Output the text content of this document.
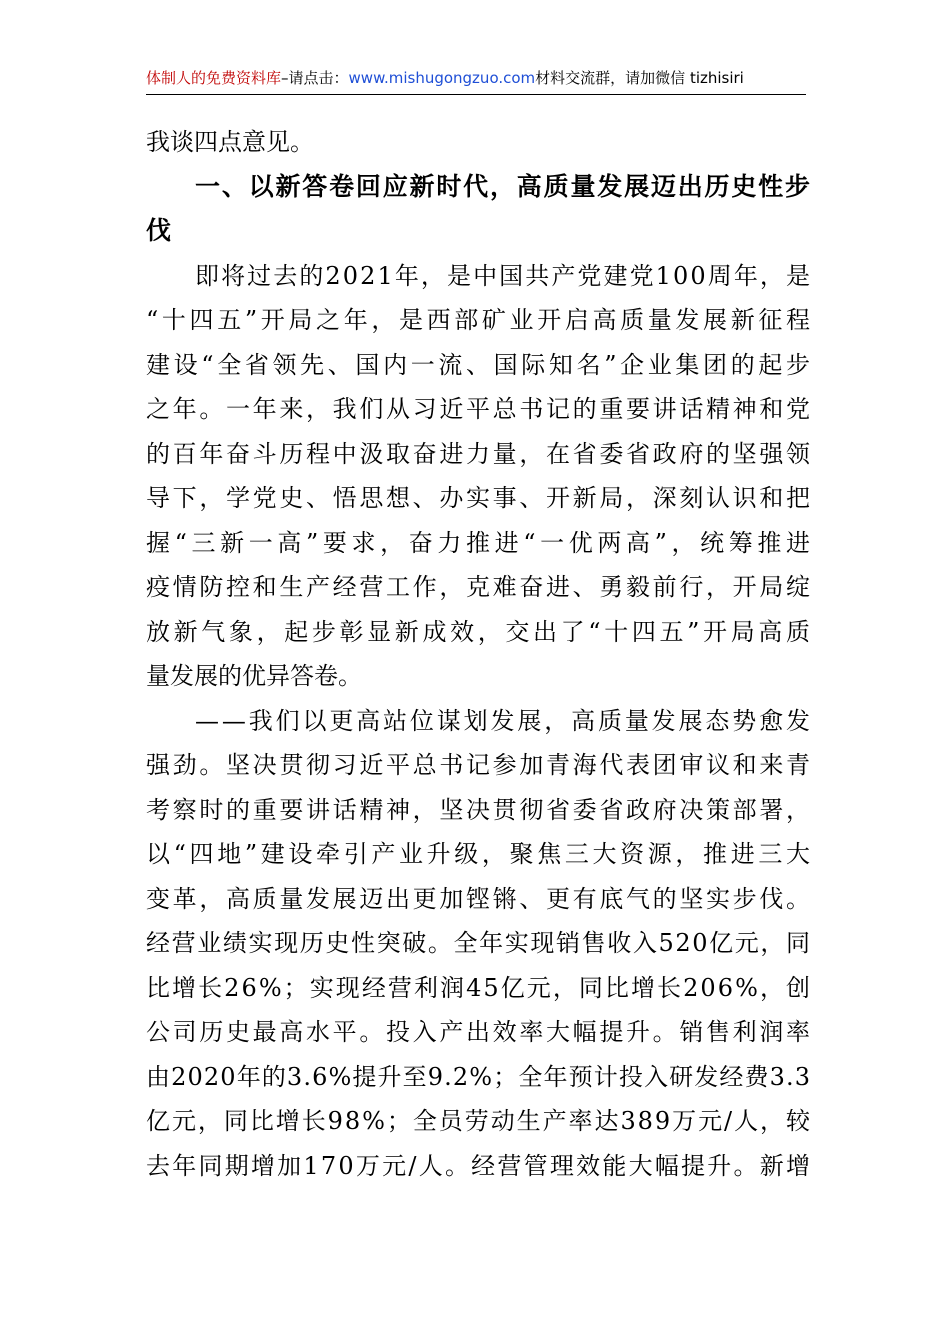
体制人的免费资料库–请点击：www.mishugongzuo.com材料交流群，请加微信 tizhisiri
我谈四点意见。
一、以新答卷回应新时代，高质量发展迈出历史性步
伐
即将过去的2021年，是中国共产党建党100周年，是
“十四五”开局之年，是西部矿业开启高质量发展新征程
建设“全省领先、国内一流、国际知名”企业集团的起步
之年。一年来，我们从习近平总书记的重要讲话精神和党
的百年奋斗历程中汲取奋进力量，在省委省政府的坚强领
导下，学党史、悟思想、办实事、开新局，深刻认识和把
握“三新一高”要求，奋力推进“一优两高”，统筹推进
疫情防控和生产经营工作，克难奋进、勇毅前行，开局绽
放新气象，起步彰显新成效，交出了“十四五”开局高质
量发展的优异答卷。
——我们以更高站位谋划发展，高质量发展态势愈发
强劲。坚决贯彻习近平总书记参加青海代表团审议和来青
考察时的重要讲话精神，坚决贯彻省委省政府决策部署，
以“四地”建设牵引产业升级，聚焦三大资源，推进三大
变革，高质量发展迈出更加铿锵、更有底气的坚实步伐。
经营业绩实现历史性突破。全年实现销售收入520亿元，同
比增长26%；实现经营利润45亿元，同比增长206%，创
公司历史最高水平。投入产出效率大幅提升。销售利润率
由2020年的3.6%提升至9.2%；全年预计投入研发经费3.3
亿元，同比增长98%；全员劳动生产率达389万元/人，较
去年同期增加170万元/人。经营管理效能大幅提升。新增
